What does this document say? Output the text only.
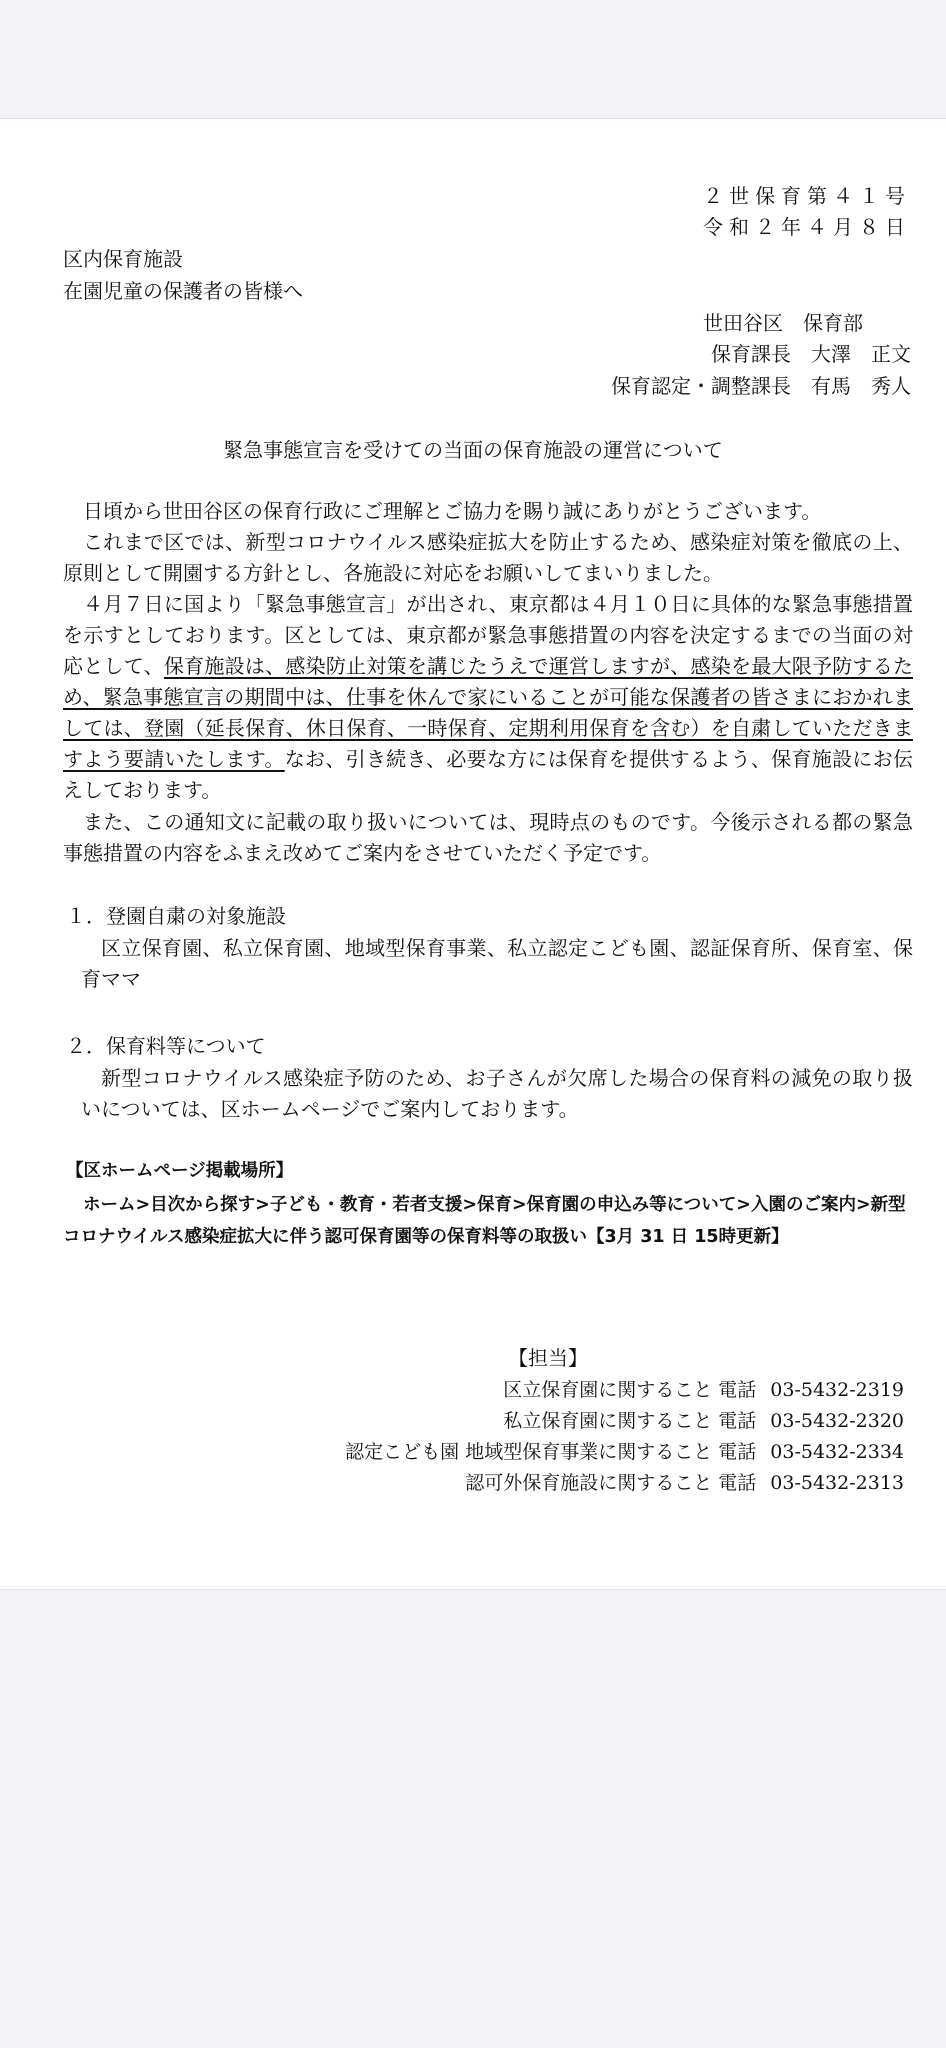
２世保育第４１号
令和２年４月８日
区内保育施設
在園児童の保護者の皆様へ
世田谷区　保育部
保育課長　大澤　正文
保育認定・調整課長　有馬　秀人
緊急事態宣言を受けての当面の保育施設の運営について
日頃から世田谷区の保育行政にご理解とご協力を賜り誠にありがとうございます。
これまで区では、新型コロナウイルス感染症拡大を防止するため、感染症対策を徹底の上、原則として開園する方針とし、各施設に対応をお願いしてまいりました。
４月７日に国より「緊急事態宣言」が出され、東京都は４月１０日に具体的な緊急事態措置を示すとしております。区としては、東京都が緊急事態措置の内容を決定するまでの当面の対応として、保育施設は、感染防止対策を講じたうえで運営しますが、感染を最大限予防するため、緊急事態宣言の期間中は、仕事を休んで家にいることが可能な保護者の皆さまにおかれましては、登園（延長保育、休日保育、一時保育、定期利用保育を含む）を自粛していただきますよう要請いたします。なお、引き続き、必要な方には保育を提供するよう、保育施設にお伝えしております。
また、この通知文に記載の取り扱いについては、現時点のものです。今後示される都の緊急事態措置の内容をふまえ改めてご案内をさせていただく予定です。
１．登園自粛の対象施設
区立保育園、私立保育園、地域型保育事業、私立認定こども園、認証保育所、保育室、保育ママ
２．保育料等について
新型コロナウイルス感染症予防のため、お子さんが欠席した場合の保育料の減免の取り扱いについては、区ホームページでご案内しております。
【区ホームページ掲載場所】
ホーム>目次から探す>子ども・教育・若者支援>保育>保育園の申込み等について>入園のご案内>新型コロナウイルス感染症拡大に伴う認可保育園等の保育料等の取扱い【3月 31 日 15時更新】
【担当】
区立保育園に関すること 電話 03-5432-2319
私立保育園に関すること 電話 03-5432-2320
認定こども園 地域型保育事業に関すること 電話 03-5432-2334
認可外保育施設に関すること 電話 03-5432-2313
